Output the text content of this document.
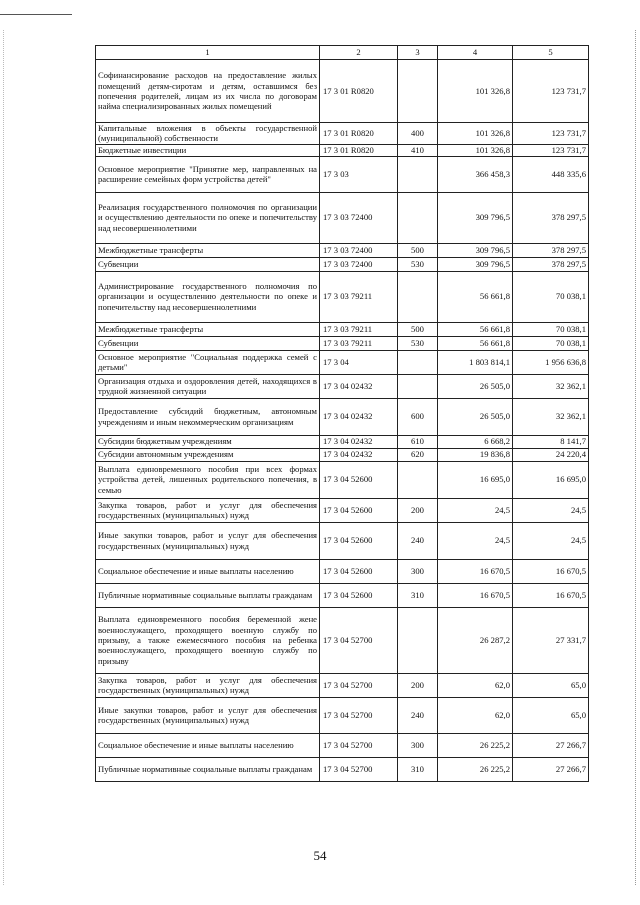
1	2	3	4	5
Софинансирование расходов на предоставление жилых помещений детям-сиротам и детям, оставшимся без попечения родителей, лицам из их числа по договорам найма специализированных жилых помещений	17 3 01 R0820		101 326,8	123 731,7
Капитальные вложения в объекты государственной (муниципальной) собственности	17 3 01 R0820	400	101 326,8	123 731,7
Бюджетные инвестиции	17 3 01 R0820	410	101 326,8	123 731,7
Основное мероприятие "Принятие мер, направленных на расширение семейных форм устройства детей"	17 3 03		366 458,3	448 335,6
Реализация государственного полномочия по организации и осуществлению деятельности по опеке и попечительству над несовершеннолетними	17 3 03 72400		309 796,5	378 297,5
Межбюджетные трансферты	17 3 03 72400	500	309 796,5	378 297,5
Субвенции	17 3 03 72400	530	309 796,5	378 297,5
Администрирование государственного полномочия по организации и осуществлению деятельности по опеке и попечительству над несовершеннолетними	17 3 03 79211		56 661,8	70 038,1
Межбюджетные трансферты	17 3 03 79211	500	56 661,8	70 038,1
Субвенции	17 3 03 79211	530	56 661,8	70 038,1
Основное мероприятие "Социальная поддержка семей с детьми"	17 3 04		1 803 814,1	1 956 636,8
Организация отдыха и оздоровления детей, находящихся в трудной жизненной ситуации	17 3 04 02432		26 505,0	32 362,1
Предоставление субсидий бюджетным, автономным учреждениям и иным некоммерческим организациям	17 3 04 02432	600	26 505,0	32 362,1
Субсидии бюджетным учреждениям	17 3 04 02432	610	6 668,2	8 141,7
Субсидии автономным учреждениям	17 3 04 02432	620	19 836,8	24 220,4
Выплата единовременного пособия при всех формах устройства детей, лишенных родительского попечения, в семью	17 3 04 52600		16 695,0	16 695,0
Закупка товаров, работ и услуг для обеспечения государственных (муниципальных) нужд	17 3 04 52600	200	24,5	24,5
Иные закупки товаров, работ и услуг для обеспечения государственных (муниципальных) нужд	17 3 04 52600	240	24,5	24,5
Социальное обеспечение и иные выплаты населению	17 3 04 52600	300	16 670,5	16 670,5
Публичные нормативные социальные выплаты гражданам	17 3 04 52600	310	16 670,5	16 670,5
Выплата единовременного пособия беременной жене военнослужащего, проходящего военную службу по призыву, а также ежемесячного пособия на ребенка военнослужащего, проходящего военную службу по призыву	17 3 04 52700		26 287,2	27 331,7
Закупка товаров, работ и услуг для обеспечения государственных (муниципальных) нужд	17 3 04 52700	200	62,0	65,0
Иные закупки товаров, работ и услуг для обеспечения государственных (муниципальных) нужд	17 3 04 52700	240	62,0	65,0
Социальное обеспечение и иные выплаты населению	17 3 04 52700	300	26 225,2	27 266,7
Публичные нормативные социальные выплаты гражданам	17 3 04 52700	310	26 225,2	27 266,7
54
